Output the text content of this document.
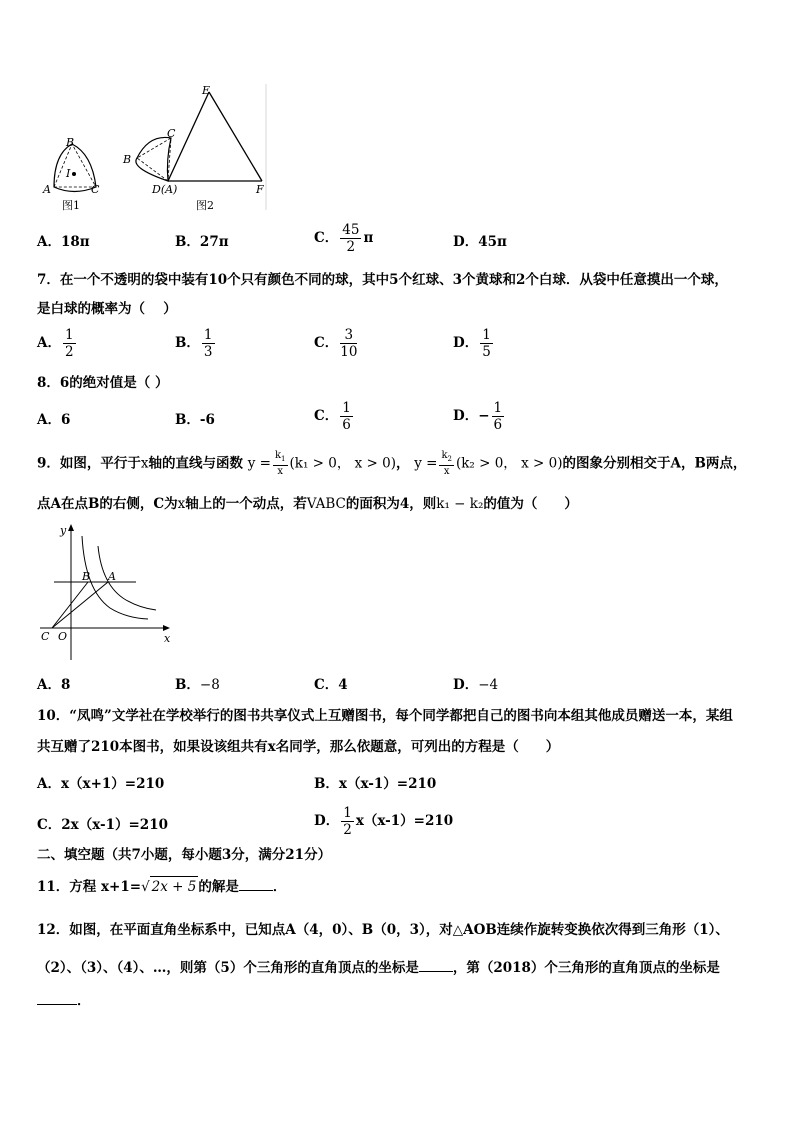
B
I
A	C
图1
E
C
B
D(A)	F
图2
A．18π	B．27π	C． $\frac{45}{2}$ π	D．45π
7．在一个不透明的袋中装有10个只有颜色不同的球，其中5个红球、3个黄球和2个白球．从袋中任意摸出一个球，
是白球的概率为（　 ）
A． $\frac{1}{2}$	B． $\frac{1}{3}$	C． $\frac{3}{10}$	D． $\frac{1}{5}$
8．6的绝对值是（ ）
A．6	B．-6	C． $\frac{1}{6}$	D．− $\frac{1}{6}$
9．如图，平行于x轴的直线与函数 $y = \frac{k_1}{x} (k_1 > 0$， x > 0)， $y = \frac{k_2}{x} (k_2 > 0$， x > 0)的图象分别相交于A，B两点，
点A在点B的右侧，C为x轴上的一个动点，若VABC的面积为4，则k₁ − k₂的值为（　　）
y
B A
C O	x
A．8	B．−8	C．4	D．−4
10．“凤鸣”文学社在学校举行的图书共享仪式上互赠图书，每个同学都把自己的图书向本组其他成员赠送一本，某组
共互赠了210本图书，如果设该组共有x名同学，那么依题意，可列出的方程是（　　）
A．x（x+1）=210	B．x（x-1）=210
C．2x（x-1）=210	D． $\frac{1}{2} x(x-1)=210$
二、填空题（共7小题，每小题3分，满分21分）
11．方程 x+1=√ 2x + 5 的解是	．
12．如图，在平面直角坐标系中，已知点A（4，0）、B（0，3），对△AOB连续作旋转变换依次得到三角形（1）、
（2）、（3）、（4）、…，则第（5）个三角形的直角顶点的坐标是	，第（2018）个三角形的直角顶点的坐标是
．
